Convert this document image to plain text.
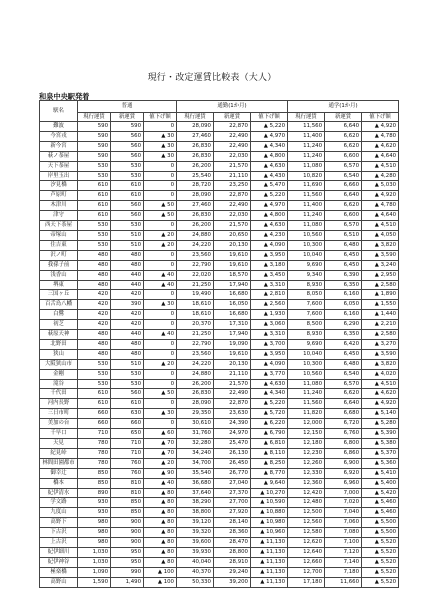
現行・改定運賃比較表（大人）
和泉中央駅発着
駅名	普通			通勤(1か月)			通学(1か月)		
	現行運賃	新運賃	値下げ額	現行運賃	新運賃	値下げ額	現行運賃	新運賃	値下げ額
難波	590	590	0	28,090	22,870	▲ 5,220	11,560	6,640	▲ 4,920
今宮戎	590	560	▲ 30	27,460	22,490	▲ 4,970	11,400	6,620	▲ 4,780
新今宮	590	560	▲ 30	26,830	22,490	▲ 4,340	11,240	6,620	▲ 4,620
萩ノ茶屋	590	560	▲ 30	26,830	22,030	▲ 4,800	11,240	6,600	▲ 4,640
天下茶屋	530	530	0	26,200	21,570	▲ 4,630	11,080	6,570	▲ 4,510
岸里玉出	530	530	0	25,540	21,110	▲ 4,430	10,820	6,540	▲ 4,280
汐見橋	610	610	0	28,720	23,250	▲ 5,470	11,690	6,660	▲ 5,030
芦原町	610	610	0	28,090	22,870	▲ 5,220	11,560	6,640	▲ 4,920
木津川	610	560	▲ 50	27,460	22,490	▲ 4,970	11,400	6,620	▲ 4,780
津守	610	560	▲ 50	26,830	22,030	▲ 4,800	11,240	6,600	▲ 4,640
西天下茶屋	530	530	0	26,200	21,570	▲ 4,630	11,080	6,570	▲ 4,510
帝塚山	530	510	▲ 20	24,880	20,650	▲ 4,230	10,560	6,510	▲ 4,050
住吉東	530	510	▲ 20	24,220	20,130	▲ 4,090	10,300	6,480	▲ 3,820
沢ノ町	480	480	0	23,560	19,610	▲ 3,950	10,040	6,450	▲ 3,590
我孫子前	480	480	0	22,790	19,610	▲ 3,180	9,690	6,450	▲ 3,240
浅香山	480	440	▲ 40	22,020	18,570	▲ 3,450	9,340	6,390	▲ 2,950
堺東	480	440	▲ 40	21,250	17,940	▲ 3,310	8,930	6,350	▲ 2,580
三国ヶ丘	420	420	0	19,490	16,680	▲ 2,810	8,050	6,160	▲ 1,890
百舌鳥八幡	420	390	▲ 30	18,610	16,050	▲ 2,560	7,600	6,050	▲ 1,550
白鷺	420	420	0	18,610	16,680	▲ 1,930	7,600	6,160	▲ 1,440
初芝	420	420	0	20,370	17,310	▲ 3,060	8,500	6,290	▲ 2,210
萩原天神	480	440	▲ 40	21,250	17,940	▲ 3,310	8,930	6,350	▲ 2,580
北野田	480	480	0	22,790	19,090	▲ 3,700	9,690	6,420	▲ 3,270
狭山	480	480	0	23,560	19,610	▲ 3,950	10,040	6,450	▲ 3,590
大阪狭山市	530	510	▲ 20	24,220	20,130	▲ 4,090	10,300	6,480	▲ 3,820
金剛	530	530	0	24,880	21,110	▲ 3,770	10,560	6,540	▲ 4,020
滝谷	530	530	0	26,200	21,570	▲ 4,630	11,080	6,570	▲ 4,510
千代田	610	560	▲ 50	26,830	22,490	▲ 4,340	11,240	6,620	▲ 4,620
河内長野	610	610	0	28,090	22,870	▲ 5,220	11,560	6,640	▲ 4,920
三日市町	660	630	▲ 30	29,350	23,630	▲ 5,720	11,820	6,680	▲ 5,140
美加の台	660	660	0	30,610	24,390	▲ 6,220	12,000	6,720	▲ 5,280
千早口	710	650	▲ 60	31,760	24,970	▲ 6,790	12,150	6,760	▲ 5,390
天見	780	710	▲ 70	32,280	25,470	▲ 6,810	12,180	6,800	▲ 5,380
紀見峠	780	710	▲ 70	34,240	26,130	▲ 8,110	12,230	6,860	▲ 5,370
林間田園都市	780	760	▲ 20	34,700	26,450	▲ 8,250	12,260	6,900	▲ 5,360
御幸辻	850	760	▲ 90	35,540	26,770	▲ 8,770	12,330	6,920	▲ 5,410
橋本	850	810	▲ 40	36,680	27,040	▲ 9,640	12,360	6,960	▲ 5,400
紀伊清水	890	810	▲ 80	37,640	27,370	▲ 10,270	12,420	7,000	▲ 5,420
学文路	930	850	▲ 80	38,290	27,700	▲ 10,590	12,480	7,020	▲ 5,460
九度山	930	850	▲ 80	38,800	27,920	▲ 10,880	12,500	7,040	▲ 5,460
高野下	980	900	▲ 80	39,120	28,140	▲ 10,980	12,560	7,060	▲ 5,500
下古沢	980	900	▲ 80	39,320	28,360	▲ 10,960	12,580	7,080	▲ 5,500
上古沢	980	900	▲ 80	39,600	28,470	▲ 11,130	12,620	7,100	▲ 5,520
紀伊細川	1,030	950	▲ 80	39,930	28,800	▲ 11,130	12,640	7,120	▲ 5,520
紀伊神谷	1,030	950	▲ 80	40,040	28,910	▲ 11,130	12,660	7,140	▲ 5,520
極楽橋	1,090	990	▲ 100	40,370	29,240	▲ 11,130	12,700	7,180	▲ 5,520
高野山	1,590	1,490	▲ 100	50,330	39,200	▲ 11,130	17,180	11,660	▲ 5,520
